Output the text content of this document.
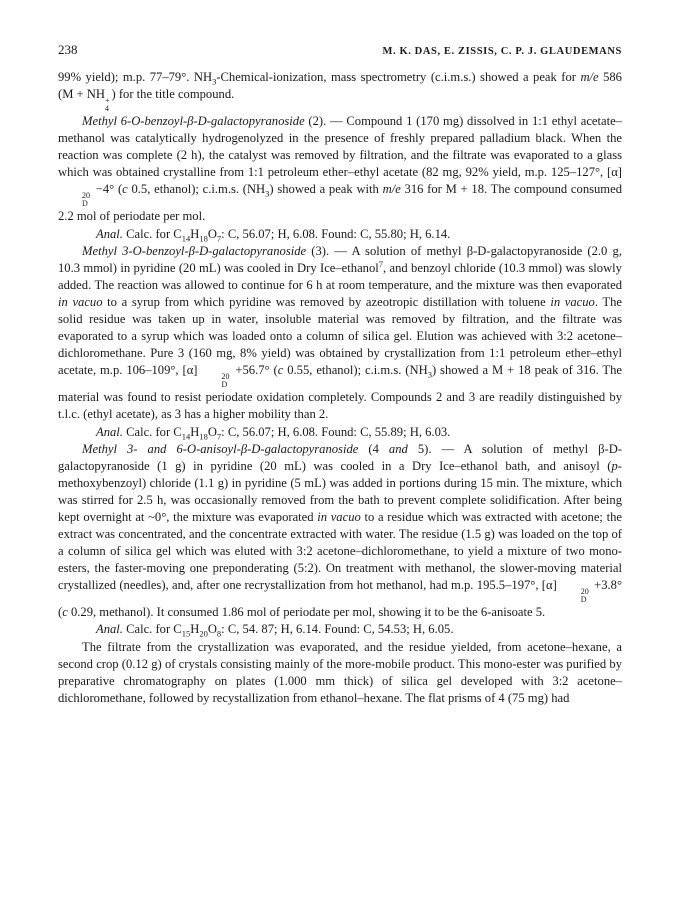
238	M. K. DAS, E. ZISSIS, C. P. J. GLAUDEMANS

99% yield); m.p. 77–79°. $NH_3-Chemical$-ionization, mass spectrometry (c.i.m.s.) showed a peak for m/e 586 (M + NH +
4
) for the title compound.

Methyl 6-O-benzoyl-β-D-galactopyranoside (2). — Compound 1 (170 mg) dissolved in 1:1 ethyl acetate–methanol was catalytically hydrogenolyzed in the presence of freshly prepared palladium black. When the reaction was complete (2 h), the catalyst was removed by filtration, and the filtrate was evaporated to a glass which was obtained crystalline from 1:1 petroleum ether–ethyl acetate (82 mg, 92% yield, m.p. 125–127°, [α]
20
D
−4° (c 0.5, ethanol); c.i.m.s. $(NH_3)$ showed a peak with m/e 316 for M + 18. The compound consumed 2.2 mol of periodate per mol.

Anal. Calc. for $C_{14}H_{18}O_7$: C, 56.07; H, 6.08. Found: C, 55.80; H, 6.14.

Methyl 3-O-benzoyl-β-D-galactopyranoside (3). — A solution of methyl β-D-galactopyranoside (2.0 g, 10.3 mmol) in pyridine (20 mL) was cooled in Dry Ice–ethanol$^7$, and benzoyl chloride (10.3 mmol) was slowly added. The reaction was allowed to continue for 6 h at room temperature, and the mixture was then evaporated in vacuo to a syrup from which pyridine was removed by azeotropic distillation with toluene in vacuo. The solid residue was taken up in water, insoluble material was removed by filtration, and the filtrate was evaporated to a syrup which was loaded onto a column of silica gel. Elution was achieved with 3:2 acetone–dichloromethane. Pure 3 (160 mg, 8% yield) was obtained by crystallization from 1:1 petroleum ether–ethyl acetate, m.p. 106–109°, [α]	20
D
+56.7° (c 0.55, ethanol); c.i.m.s. $(NH_3)$ showed a M + 18 peak of 316. The material was found to resist periodate oxidation completely. Compounds 2 and 3 are readily distinguished by t.l.c. (ethyl acetate), as 3 has a higher mobility than 2.

Anal. Calc. for $C_{14}H_{18}O_7$: C, 56.07; H, 6.08. Found: C, 55.89; H, 6.03.

Methyl 3- and 6-O-anisoyl-β-D-galactopyranoside (4 and 5). — A solution of methyl β-D-galactopyranoside (1 g) in pyridine (20 mL) was cooled in a Dry Ice–ethanol bath, and anisoyl (p-methoxybenzoyl) chloride (1.1 g) in pyridine (5 mL) was added in portions during 15 min. The mixture, which was stirred for 2.5 h, was occasionally removed from the bath to prevent complete solidification. After being kept overnight at ~0°, the mixture was evaporated in vacuo to a residue which was extracted with acetone; the extract was concentrated, and the concentrate extracted with water. The residue (1.5 g) was loaded on the top of a column of silica gel which was eluted with 3:2 acetone–dichloromethane, to yield a mixture of two mono-esters, the faster-moving one preponderating (5:2). On treatment with methanol, the slower-moving material crystallized (needles), and, after one recrystallization from hot methanol, had m.p. 195.5–197°, [α]	20
D
+3.8° (c 0.29, methanol). It consumed 1.86 mol of periodate per mol, showing it to be the 6-anisoate 5.

Anal. Calc. for $C_{15}H_{20}O_8$: C, 54. 87; H, 6.14. Found: C, 54.53; H, 6.05.

The filtrate from the crystallization was evaporated, and the residue yielded, from acetone–hexane, a second crop (0.12 g) of crystals consisting mainly of the more-mobile product. This mono-ester was purified by preparative chromatography on plates (1.000 mm thick) of silica gel developed with 3:2 acetone–dichloromethane, followed by recystallization from ethanol–hexane. The flat prisms of 4 (75 mg) had
